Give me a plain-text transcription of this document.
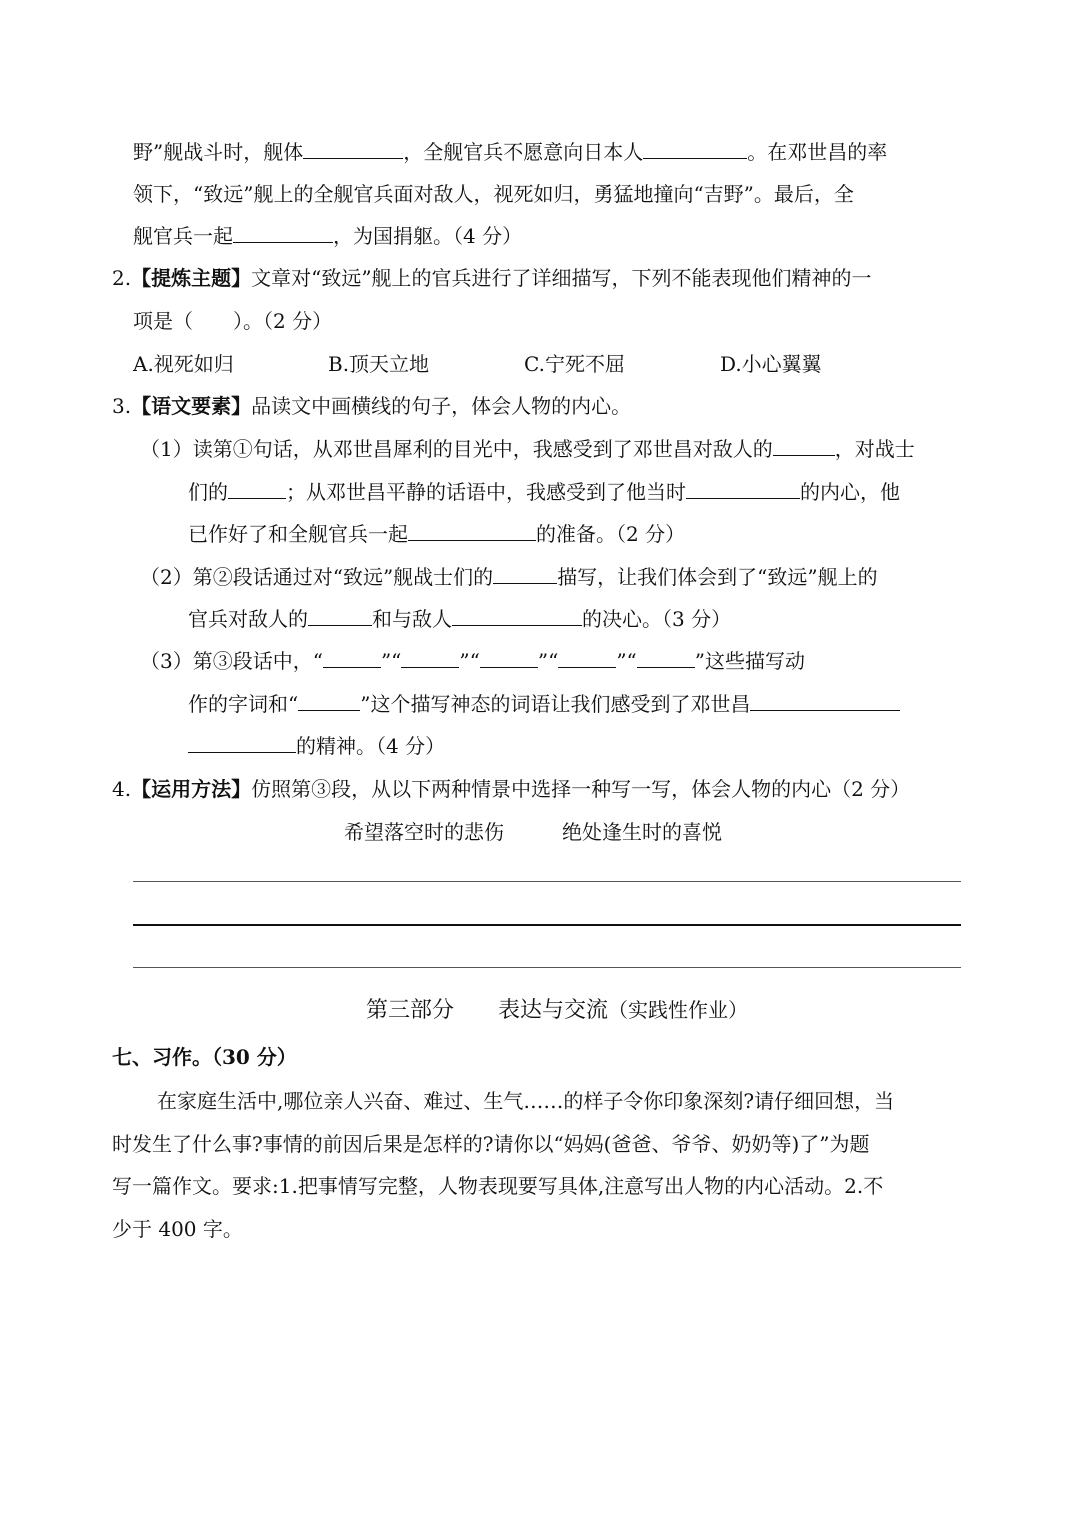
野”舰战斗时，舰体	，全舰官兵不愿意向日本人	。在邓世昌的率
领下，“致远”舰上的全舰官兵面对敌人，视死如归，勇猛地撞向“吉野”。最后，全
舰官兵一起	，为国捐躯。（4 分）
2.【提炼主题】文章对“致远”舰上的官兵进行了详细描写，下列不能表现他们精神的一
项是（　　）。（2 分）
A.视死如归	B.顶天立地	C.宁死不屈	D.小心翼翼
3.【语文要素】品读文中画横线的句子，体会人物的内心。
（1）读第①句话，从邓世昌犀利的目光中，我感受到了邓世昌对敌人的	，对战士
们的	；从邓世昌平静的话语中，我感受到了他当时	的内心，他
已作好了和全舰官兵一起	的准备。（2 分）
（2）第②段话通过对“致远”舰战士们的	描写，让我们体会到了“致远”舰上的
官兵对敌人的	和与敌人	的决心。（3 分）
（3）第③段话中，“	”“	”“	”“	”“	”这些描写动
作的字词和“	”这个描写神态的词语让我们感受到了邓世昌
的精神。（4 分）
4.【运用方法】仿照第③段，从以下两种情景中选择一种写一写，体会人物的内心（2 分）
希望落空时的悲伤	绝处逢生时的喜悦
第三部分　　表达与交流（实践性作业）
七、习作。（30 分）
在家庭生活中,哪位亲人兴奋、难过、生气……的样子令你印象深刻?请仔细回想，当
时发生了什么事?事情的前因后果是怎样的?请你以“妈妈(爸爸、爷爷、奶奶等)了”为题
写一篇作文。要求:1.把事情写完整，人物表现要写具体,注意写出人物的内心活动。2.不
少于 400 字。
